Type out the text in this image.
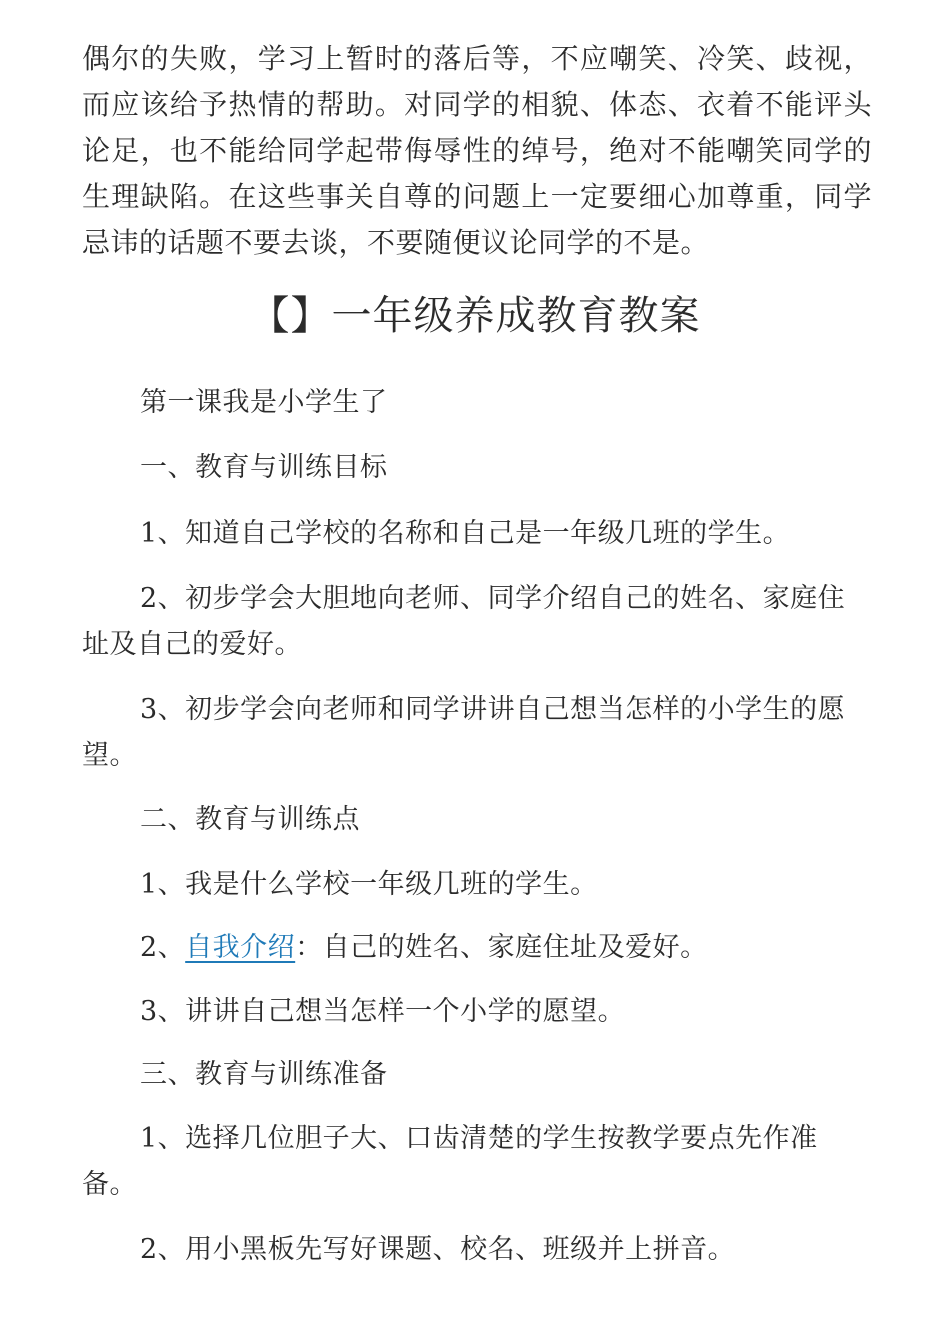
偶尔的失败，学习上暂时的落后等，不应嘲笑、冷笑、歧视，而应该给予热情的帮助。对同学的相貌、体态、衣着不能评头论足，也不能给同学起带侮辱性的绰号，绝对不能嘲笑同学的生理缺陷。在这些事关自尊的问题上一定要细心加尊重，同学忌讳的话题不要去谈，不要随便议论同学的不是。

【】一年级养成教育教案

第一课我是小学生了

一、教育与训练目标

1、知道自己学校的名称和自己是一年级几班的学生。

2、初步学会大胆地向老师、同学介绍自己的姓名、家庭住址及自己的爱好。

3、初步学会向老师和同学讲讲自己想当怎样的小学生的愿望。

二、教育与训练点

1、我是什么学校一年级几班的学生。

2、自我介绍：自己的姓名、家庭住址及爱好。

3、讲讲自己想当怎样一个小学的愿望。

三、教育与训练准备

1、选择几位胆子大、口齿清楚的学生按教学要点先作准备。

2、用小黑板先写好课题、校名、班级并上拼音。
